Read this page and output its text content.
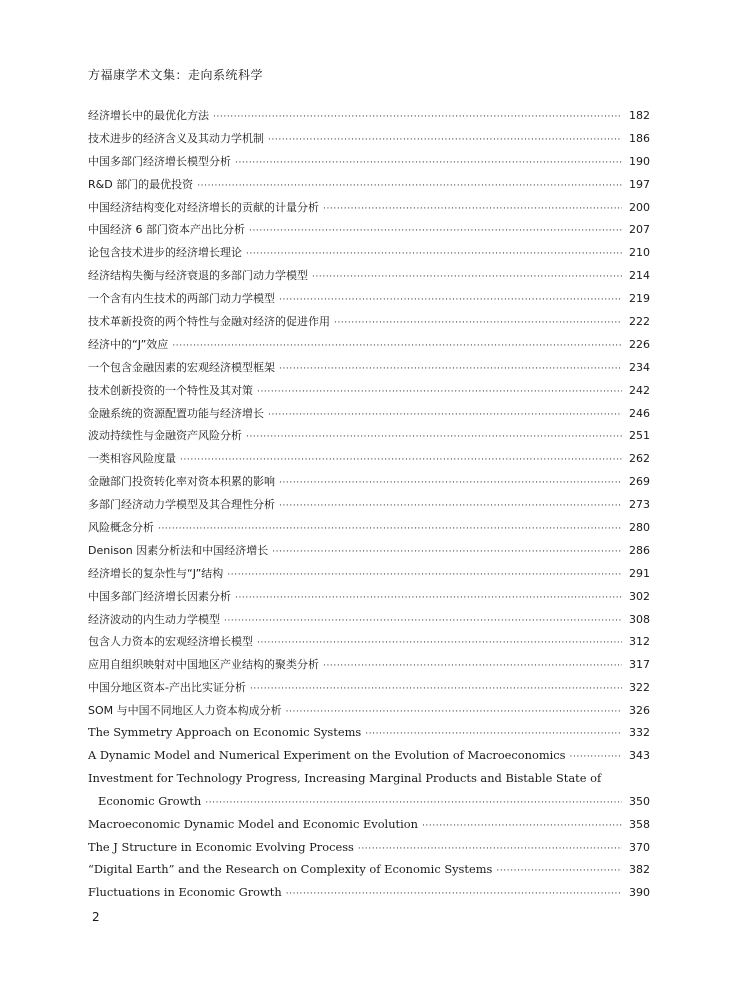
方福康学术文集：走向系统科学
经济增长中的最优化方法 ·····	182
技术进步的经济含义及其动力学机制 ·····	186
中国多部门经济增长模型分析 ·····	190
R&D 部门的最优投资 ·····	197
中国经济结构变化对经济增长的贡献的计量分析 ·····	200
中国经济 6 部门资本产出比分析 ·····	207
论包含技术进步的经济增长理论 ·····	210
经济结构失衡与经济衰退的多部门动力学模型 ·····	214
一个含有内生技术的两部门动力学模型 ·····	219
技术革新投资的两个特性与金融对经济的促进作用 ·····	222
经济中的“J”效应 ·····	226
一个包含金融因素的宏观经济模型框架 ·····	234
技术创新投资的一个特性及其对策 ·····	242
金融系统的资源配置功能与经济增长 ·····	246
波动持续性与金融资产风险分析 ·····	251
一类相容风险度量 ·····	262
金融部门投资转化率对资本积累的影响 ·····	269
多部门经济动力学模型及其合理性分析 ·····	273
风险概念分析 ·····	280
Denison 因素分析法和中国经济增长 ·····	286
经济增长的复杂性与“J”结构 ·····	291
中国多部门经济增长因素分析 ·····	302
经济波动的内生动力学模型 ·····	308
包含人力资本的宏观经济增长模型 ·····	312
应用自组织映射对中国地区产业结构的聚类分析 ·····	317
中国分地区资本-产出比实证分析 ·····	322
SOM 与中国不同地区人力资本构成分析 ·····	326
The Symmetry Approach on Economic Systems ·····	332
A Dynamic Model and Numerical Experiment on the Evolution of Macroeconomics ·····	343
Investment for Technology Progress, Increasing Marginal Products and Bistable State of
Economic Growth ·····	350
Macroeconomic Dynamic Model and Economic Evolution ·····	358
The J Structure in Economic Evolving Process ·····	370
“Digital Earth” and the Research on Complexity of Economic Systems ·····	382
Fluctuations in Economic Growth ·····	390
2
